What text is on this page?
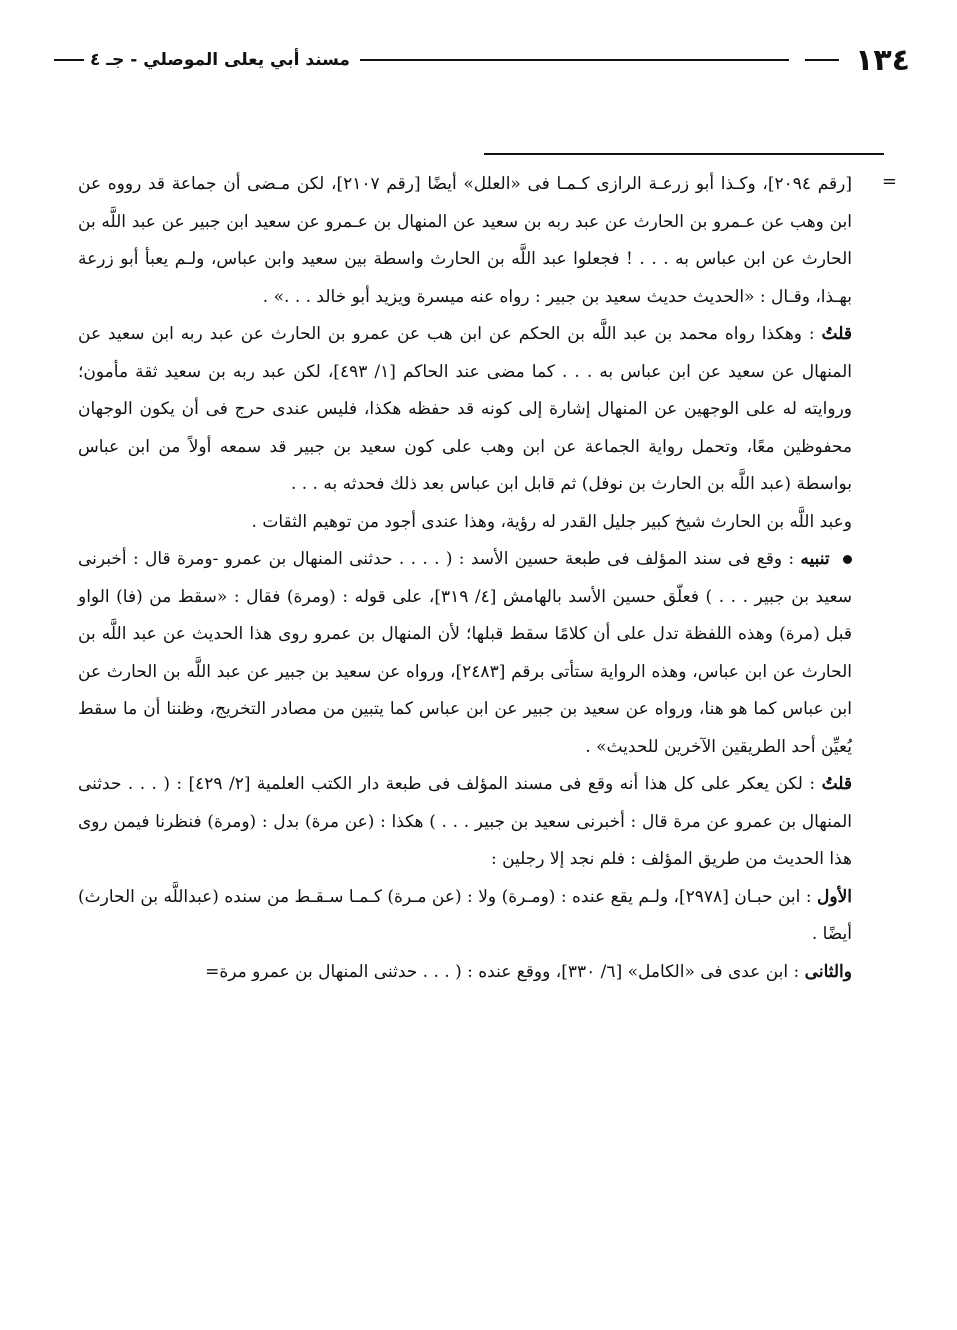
١٣٤
مسند أبي يعلى الموصلي - جـ ٤
=

[رقم ٢٠٩٤]، وكـذا أبو زرعـة الرازى كـمـا فى «العلل» أيضًا [رقم ٢١٠٧]، لكن مـضى أن جماعة قد رووه عن ابن وهب عن عـمرو بن الحارث عن عبد ربه بن سعيد عن المنهال بن عـمرو عن سعيد ابن جبير عن عبد اللَّه بن الحارث عن ابن عباس به . . . ! فجعلوا عبد اللَّه بن الحارث واسطة بين سعيد وابن عباس، ولـم يعبأ أبو زرعة بهـذا، وقـال : «الحديث حديث سعيد بن جبير : رواه عنه ميسرة ويزيد أبو خالد . . .» .

قلتُ : وهكذا رواه محمد بن عبد اللَّه بن الحكم عن ابن هب عن عمرو بن الحارث عن عبد ربه ابن سعيد عن المنهال عن سعيد عن ابن عباس به . . . كما مضى عند الحاكم [١/ ٤٩٣]، لكن عبد ربه بن سعيد ثقة مأمون؛ وروايته له على الوجهين عن المنهال إشارة إلى كونه قد حفظه هكذا، فليس عندى حرج فى أن يكون الوجهان محفوظين معًا، وتحمل رواية الجماعة عن ابن وهب على كون سعيد بن جبير قد سمعه أولاً من ابن عباس بواسطة (عبد اللَّه بن الحارث بن نوفل) ثم قابل ابن عباس بعد ذلك فحدثه به . . .

وعبد اللَّه بن الحارث شيخ كبير جليل القدر له رؤية، وهذا عندى أجود من توهيم الثقات .

تنبيه : وقع فى سند المؤلف فى طبعة حسين الأسد : ( . . . . حدثنى المنهال بن عمرو -ومرة قال : أخبرنى سعيد بن جبير . . . ) فعلّق حسين الأسد بالهامش [٤/ ٣١٩]، على قوله : (ومرة) فقال : «سقط من (فا) الواو قبل (مرة) وهذه اللفظة تدل على أن كلامًا سقط قبلها؛ لأن المنهال بن عمرو روى هذا الحديث عن عبد اللَّه بن الحارث عن ابن عباس، وهذه الرواية ستأتى برقم [٢٤٨٣]، ورواه عن سعيد بن جبير عن عبد اللَّه بن الحارث عن ابن عباس كما هو هنا، ورواه عن سعيد بن جبير عن ابن عباس كما يتبين من مصادر التخريج، وظننا أن ما سقط يُعيِّن أحد الطريقين الآخرين للحديث» .

قلتُ : لكن يعكر على كل هذا أنه وقع فى مسند المؤلف فى طبعة دار الكتب العلمية [٢/ ٤٢٩] : ( . . . حدثنى المنهال بن عمرو عن مرة قال : أخبرنى سعيد بن جبير . . . ) هكذا : (عن مرة) بدل : (ومرة) فنظرنا فيمن روى هذا الحديث من طريق المؤلف : فلم نجد إلا رجلين :

الأول : ابن حبـان [٢٩٧٨]، ولـم يقع عنده : (ومـرة) ولا : (عن مـرة) كـمـا سـقـط من سنده (عبداللَّه بن الحارث) أيضًا .

والثانى : ابن عدى فى «الكامل» [٦/ ٣٣٠]، ووقع عنده : ( . . . حدثنى المنهال بن عمرو مرة=
